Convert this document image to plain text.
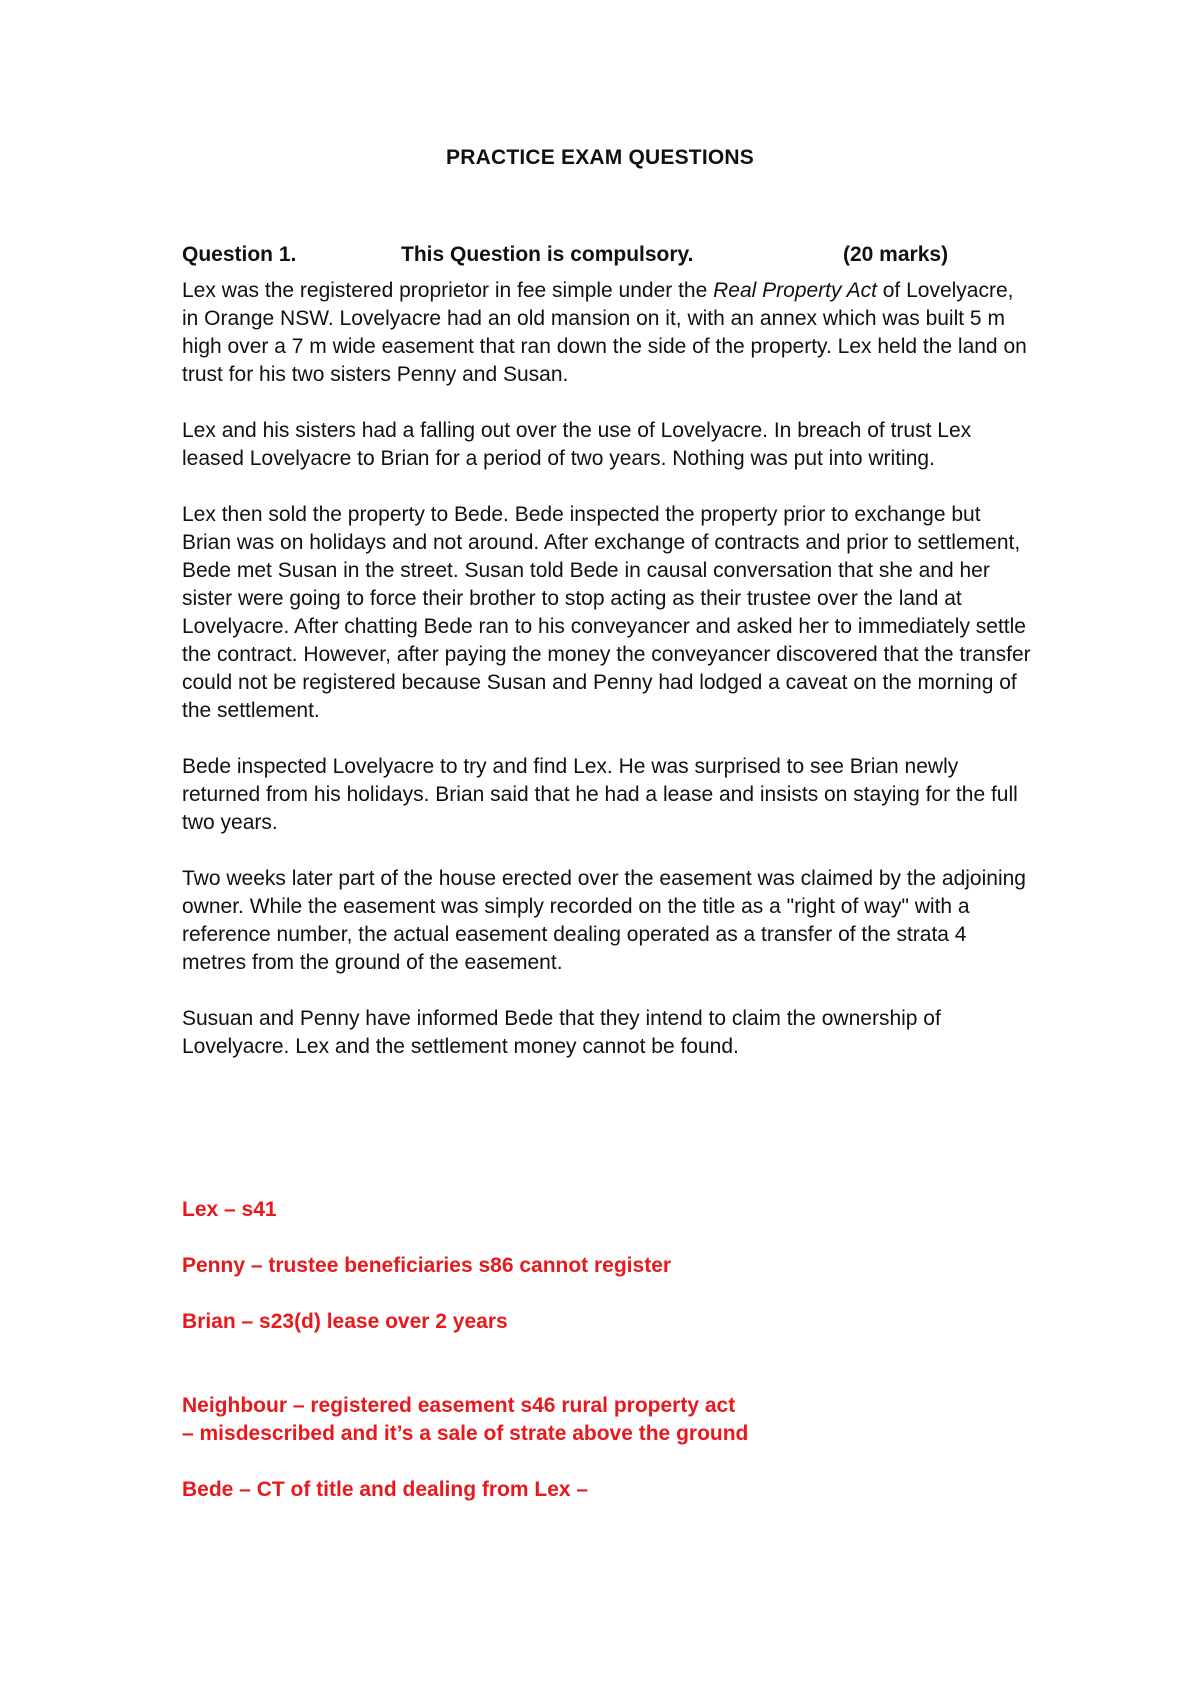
PRACTICE EXAM QUESTIONS
Question 1.	This Question is compulsory.	(20 marks)

Lex was the registered proprietor in fee simple under the Real Property Act of Lovelyacre, in Orange NSW. Lovelyacre had an old mansion on it, with an annex which was built 5 m high over a 7 m wide easement that ran down the side of the property. Lex held the land on trust for his two sisters Penny and Susan.

Lex and his sisters had a falling out over the use of Lovelyacre. In breach of trust Lex leased Lovelyacre to Brian for a period of two years. Nothing was put into writing.

Lex then sold the property to Bede. Bede inspected the property prior to exchange but Brian was on holidays and not around. After exchange of contracts and prior to settlement, Bede met Susan in the street. Susan told Bede in causal conversation that she and her sister were going to force their brother to stop acting as their trustee over the land at Lovelyacre. After chatting Bede ran to his conveyancer and asked her to immediately settle the contract. However, after paying the money the conveyancer discovered that the transfer could not be registered because Susan and Penny had lodged a caveat on the morning of the settlement.

Bede inspected Lovelyacre to try and find Lex. He was surprised to see Brian newly returned from his holidays. Brian said that he had a lease and insists on staying for the full two years.

Two weeks later part of the house erected over the easement was claimed by the adjoining owner. While the easement was simply recorded on the title as a "right of way" with a reference number, the actual easement dealing operated as a transfer of the strata 4 metres from the ground of the easement.

Susuan and Penny have informed Bede that they intend to claim the ownership of Lovelyacre. Lex and the settlement money cannot be found.

Lex – s41

Penny – trustee beneficiaries s86 cannot register

Brian – s23(d) lease over 2 years

Neighbour – registered easement s46 rural property act
– misdescribed and it’s a sale of strate above the ground

Bede – CT of title and dealing from Lex –
